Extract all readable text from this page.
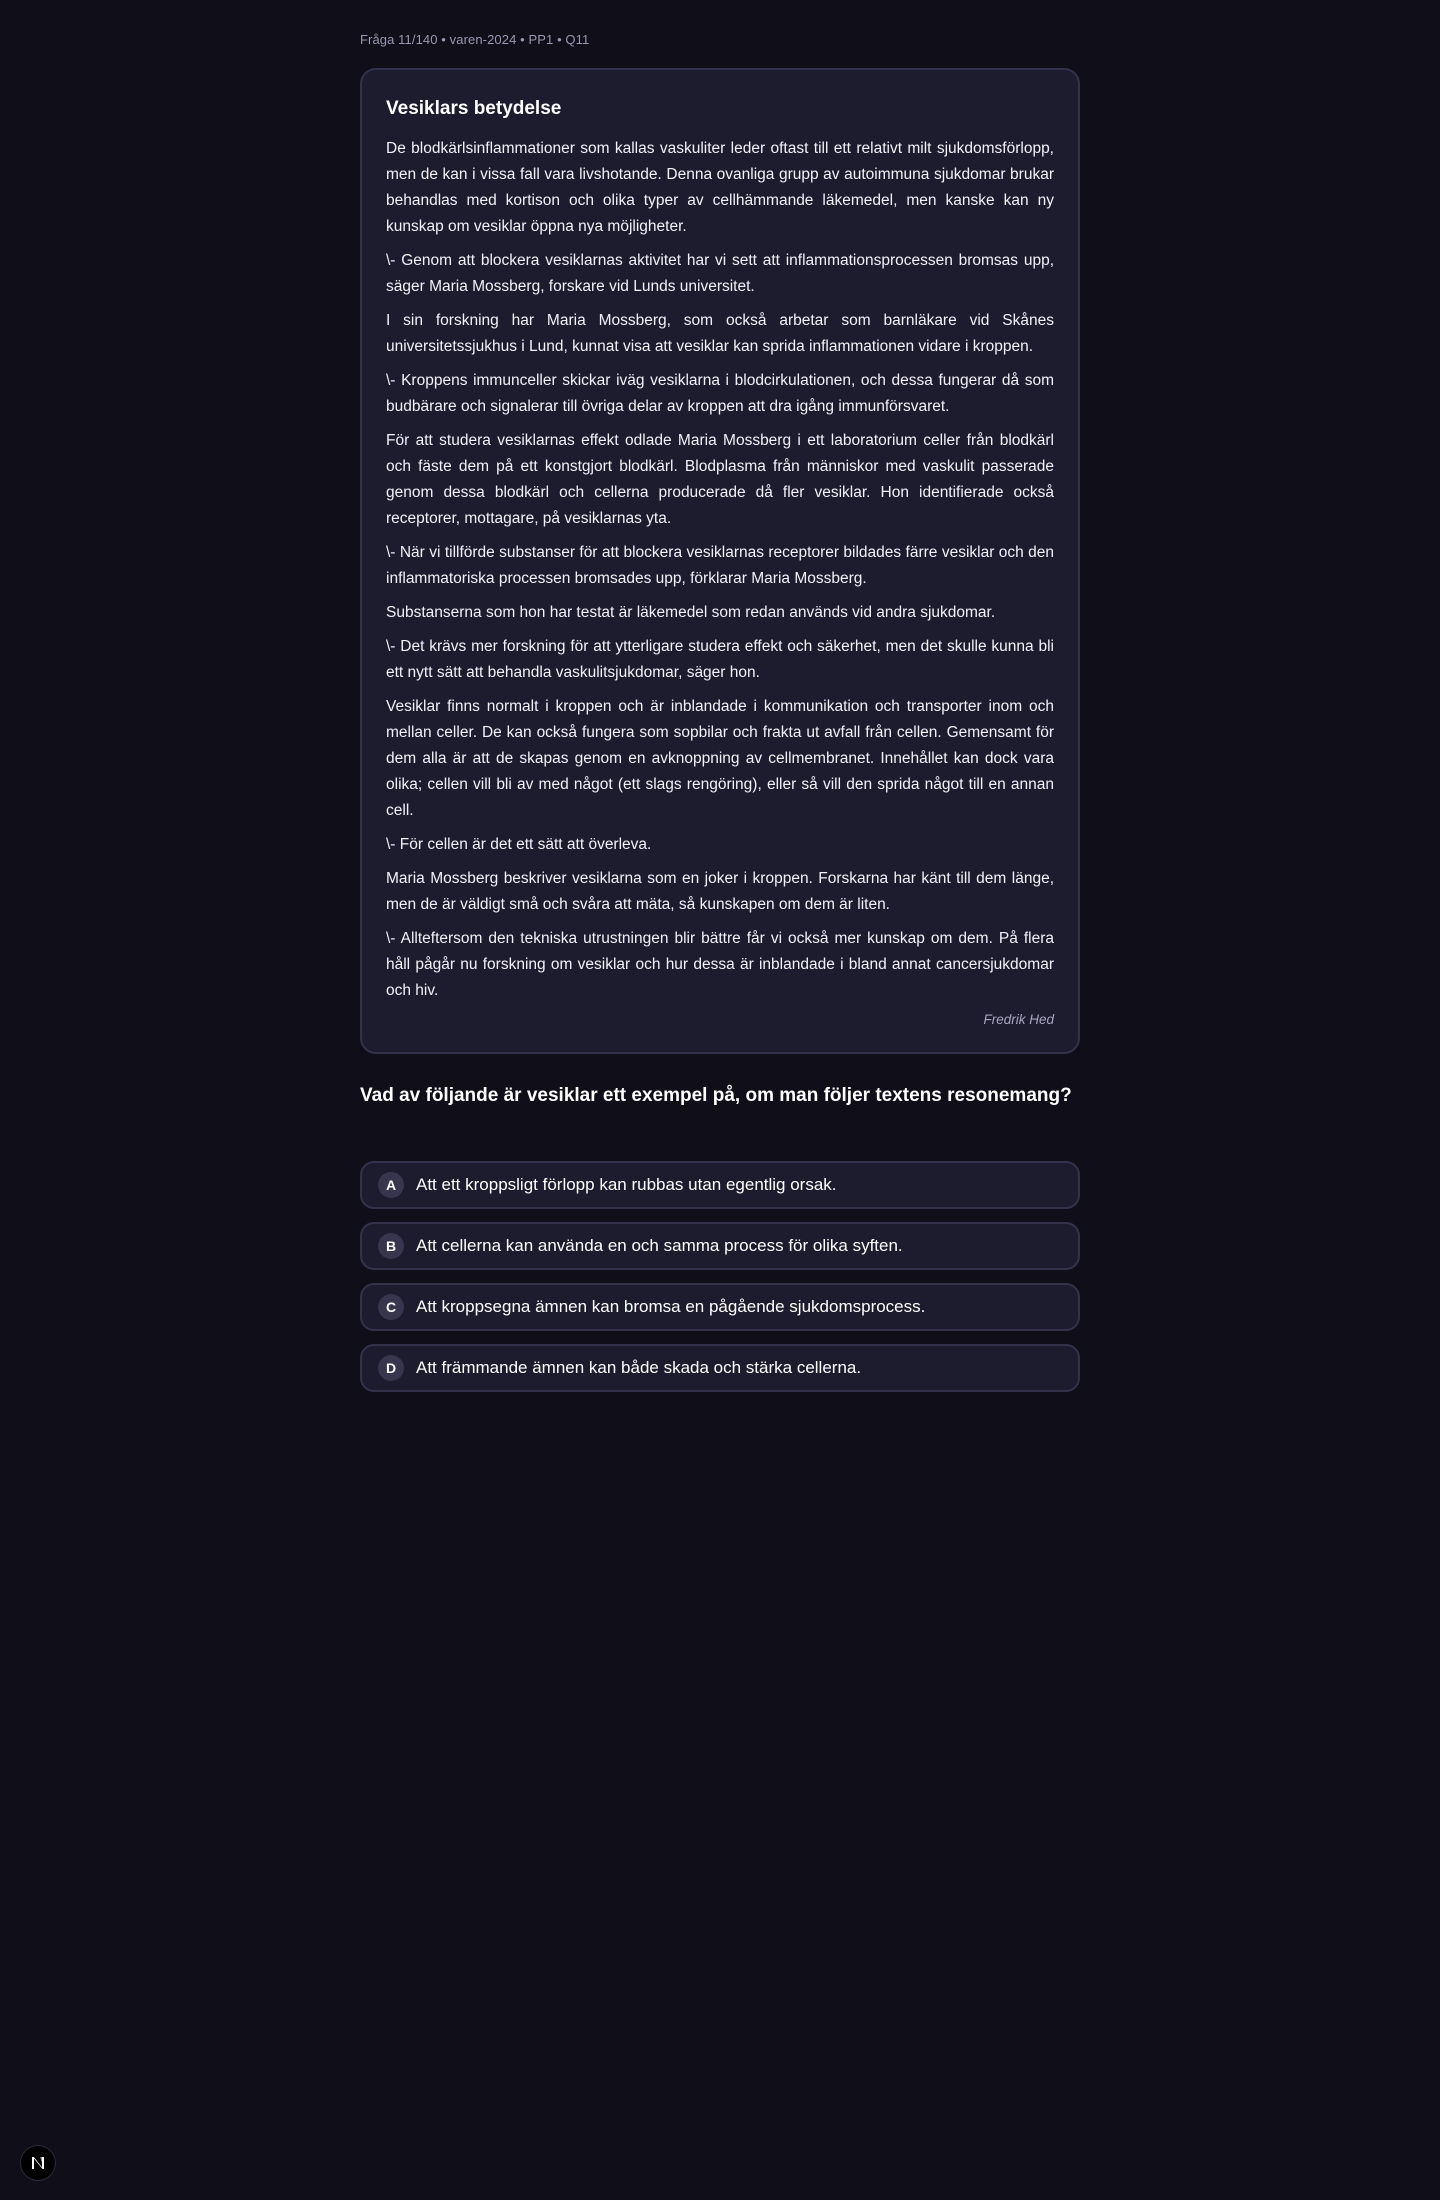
Fråga 11/140 • varen-2024 • PP1 • Q11
Vesiklars betydelse

De blodkärlsinflammationer som kallas vaskuliter leder oftast till ett relativt milt sjukdomsförlopp, men de kan i vissa fall vara livshotande. Denna ovanliga grupp av autoimmuna sjukdomar brukar behandlas med kortison och olika typer av cellhämmande läkemedel, men kanske kan ny kunskap om vesiklar öppna nya möjligheter.

\- Genom att blockera vesiklarnas aktivitet har vi sett att inflammationsprocessen bromsas upp, säger Maria Mossberg, forskare vid Lunds universitet.

I sin forskning har Maria Mossberg, som också arbetar som barnläkare vid Skånes universitetssjukhus i Lund, kunnat visa att vesiklar kan sprida inflammationen vidare i kroppen.

\- Kroppens immunceller skickar iväg vesiklarna i blodcirkulationen, och dessa fungerar då som budbärare och signalerar till övriga delar av kroppen att dra igång immunförsvaret.

För att studera vesiklarnas effekt odlade Maria Mossberg i ett laboratorium celler från blodkärl och fäste dem på ett konstgjort blodkärl. Blodplasma från människor med vaskulit passerade genom dessa blodkärl och cellerna producerade då fler vesiklar. Hon identifierade också receptorer, mottagare, på vesiklarnas yta.

\- När vi tillförde substanser för att blockera vesiklarnas receptorer bildades färre vesiklar och den inflammatoriska processen bromsades upp, förklarar Maria Mossberg.

Substanserna som hon har testat är läkemedel som redan används vid andra sjukdomar.

\- Det krävs mer forskning för att ytterligare studera effekt och säkerhet, men det skulle kunna bli ett nytt sätt att behandla vaskulitsjukdomar, säger hon.

Vesiklar finns normalt i kroppen och är inblandade i kommunikation och transporter inom och mellan celler. De kan också fungera som sopbilar och frakta ut avfall från cellen. Gemensamt för dem alla är att de skapas genom en avknoppning av cellmembranet. Innehållet kan dock vara olika; cellen vill bli av med något (ett slags rengöring), eller så vill den sprida något till en annan cell.

\- För cellen är det ett sätt att överleva.

Maria Mossberg beskriver vesiklarna som en joker i kroppen. Forskarna har känt till dem länge, men de är väldigt små och svåra att mäta, så kunskapen om dem är liten.

\- Allteftersom den tekniska utrustningen blir bättre får vi också mer kunskap om dem. På flera håll pågår nu forskning om vesiklar och hur dessa är inblandade i bland annat cancersjukdomar och hiv.

Fredrik Hed
Vad av följande är vesiklar ett exempel på, om man följer textens resonemang?
A	Att ett kroppsligt förlopp kan rubbas utan egentlig orsak.
B	Att cellerna kan använda en och samma process för olika syften.
C	Att kroppsegna ämnen kan bromsa en pågående sjukdomsprocess.
D	Att främmande ämnen kan både skada och stärka cellerna.
